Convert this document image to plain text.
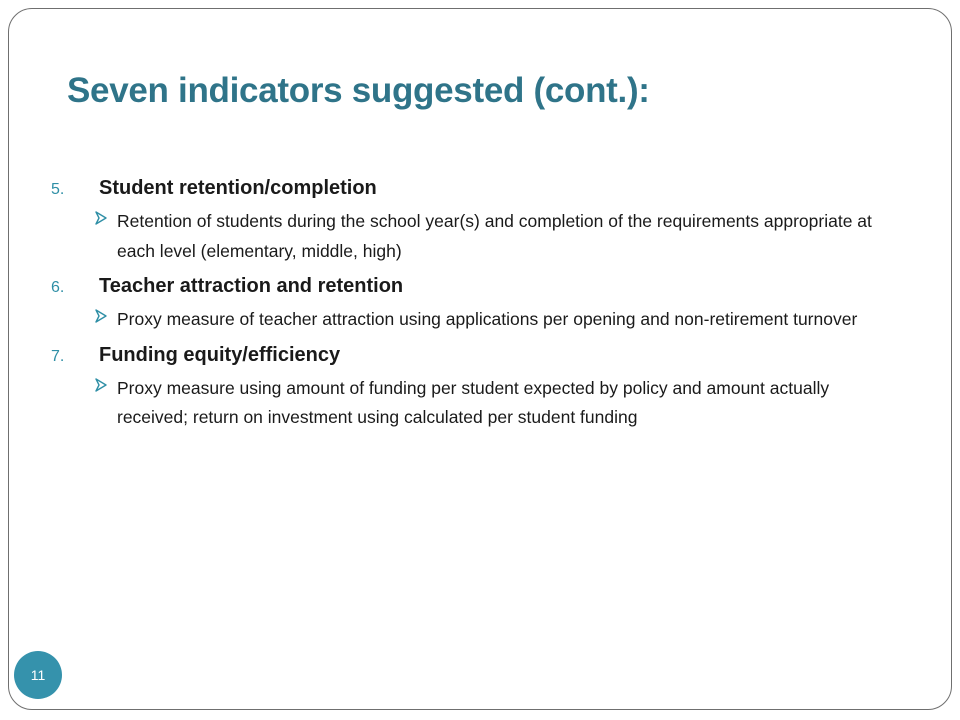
Seven indicators suggested (cont.):
5.	Student retention/completion
Retention of students during the school year(s) and completion of the requirements appropriate at each level (elementary, middle, high)
6.	Teacher attraction and retention
Proxy measure of teacher attraction using applications per opening and non-retirement turnover
7.	Funding equity/efficiency
Proxy measure using amount of funding per student expected by policy and amount actually received; return on investment using calculated per student funding
11
